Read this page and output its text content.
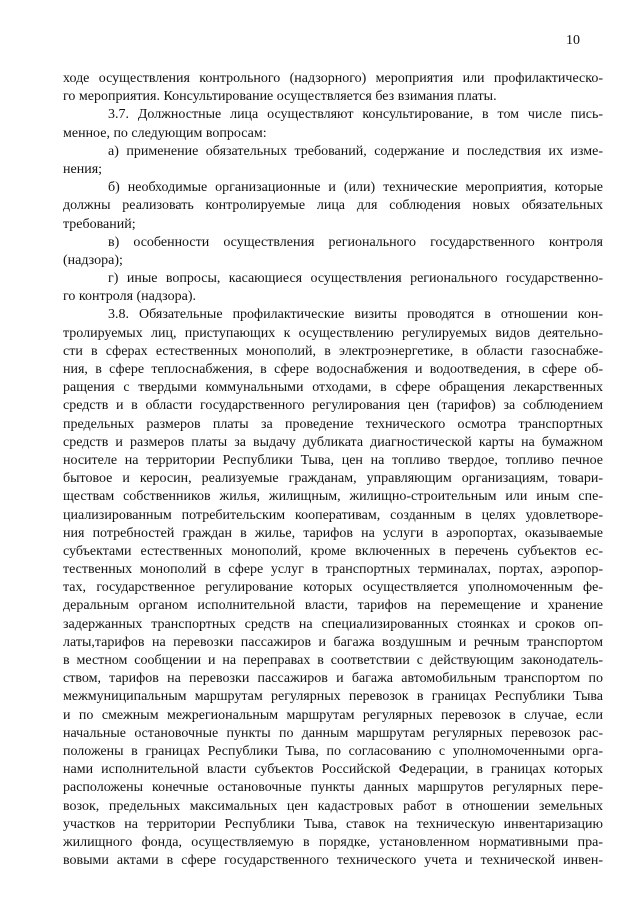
10
ходе осуществления контрольного (надзорного) мероприятия или профилактическо-
го мероприятия. Консультирование осуществляется без взимания платы.
3.7. Должностные лица осуществляют консультирование, в том числе пись-
менное, по следующим вопросам:
а) применение обязательных требований, содержание и последствия их изме-
нения;
б) необходимые организационные и (или) технические мероприятия, которые
должны реализовать контролируемые лица для соблюдения новых обязательных
требований;
в) особенности осуществления регионального государственного контроля
(надзора);
г) иные вопросы, касающиеся осуществления регионального государственно-
го контроля (надзора).
3.8. Обязательные профилактические визиты проводятся в отношении кон-
тролируемых лиц, приступающих к осуществлению регулируемых видов деятельно-
сти в сферах естественных монополий, в электроэнергетике, в области газоснабже-
ния, в сфере теплоснабжения, в сфере водоснабжения и водоотведения, в сфере об-
ращения с твердыми коммунальными отходами, в сфере обращения лекарственных
средств и в области государственного регулирования цен (тарифов) за соблюдением
предельных размеров платы за проведение технического осмотра транспортных
средств и размеров платы за выдачу дубликата диагностической карты на бумажном
носителе на территории Республики Тыва, цен на топливо твердое, топливо печное
бытовое и керосин, реализуемые гражданам, управляющим организациям, товари-
ществам собственников жилья, жилищным, жилищно-строительным или иным спе-
циализированным потребительским кооперативам, созданным в целях удовлетворе-
ния потребностей граждан в жилье, тарифов на услуги в аэропортах, оказываемые
субъектами естественных монополий, кроме включенных в перечень субъектов ес-
тественных монополий в сфере услуг в транспортных терминалах, портах, аэропор-
тах, государственное регулирование которых осуществляется уполномоченным фе-
деральным органом исполнительной власти, тарифов на перемещение и хранение
задержанных транспортных средств на специализированных стоянках и сроков оп-
латы,тарифов на перевозки пассажиров и багажа воздушным и речным транспортом
в местном сообщении и на переправах в соответствии с действующим законодатель-
ством, тарифов на перевозки пассажиров и багажа автомобильным транспортом по
межмуниципальным маршрутам регулярных перевозок в границах Республики Тыва
и по смежным межрегиональным маршрутам регулярных перевозок в случае, если
начальные остановочные пункты по данным маршрутам регулярных перевозок рас-
положены в границах Республики Тыва, по согласованию с уполномоченными орга-
нами исполнительной власти субъектов Российской Федерации, в границах которых
расположены конечные остановочные пункты данных маршрутов регулярных пере-
возок, предельных максимальных цен кадастровых работ в отношении земельных
участков на территории Республики Тыва, ставок на техническую инвентаризацию
жилищного фонда, осуществляемую в порядке, установленном нормативными пра-
вовыми актами в сфере государственного технического учета и технической инвен-
